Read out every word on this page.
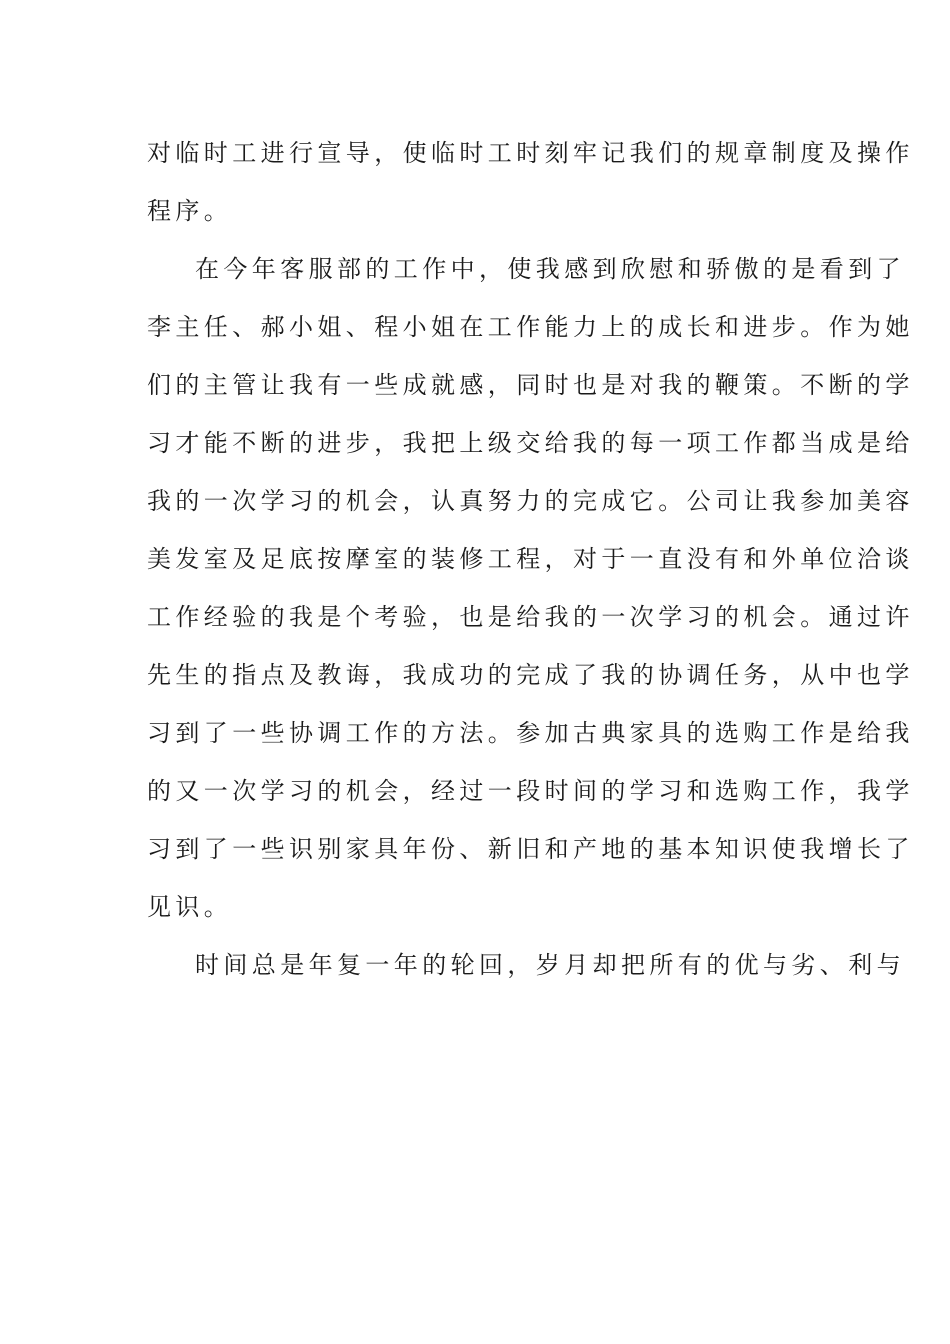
对临时工进行宣导，使临时工时刻牢记我们的规章制度及操作
程序。
在今年客服部的工作中，使我感到欣慰和骄傲的是看到了
李主任、郝小姐、程小姐在工作能力上的成长和进步。作为她
们的主管让我有一些成就感，同时也是对我的鞭策。不断的学
习才能不断的进步，我把上级交给我的每一项工作都当成是给
我的一次学习的机会，认真努力的完成它。公司让我参加美容
美发室及足底按摩室的装修工程，对于一直没有和外单位洽谈
工作经验的我是个考验，也是给我的一次学习的机会。通过许
先生的指点及教诲，我成功的完成了我的协调任务，从中也学
习到了一些协调工作的方法。参加古典家具的选购工作是给我
的又一次学习的机会，经过一段时间的学习和选购工作，我学
习到了一些识别家具年份、新旧和产地的基本知识使我增长了
见识。
时间总是年复一年的轮回，岁月却把所有的优与劣、利与
